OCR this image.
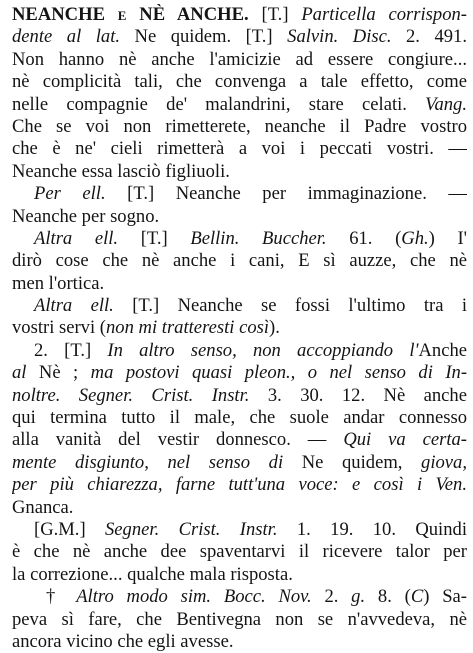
NEANCHE e NÈ ANCHE. [T.] Particella corrispon-
dente al lat. Ne quidem. [T.] Salvin. Disc. 2. 491.
Non hanno nè anche l'amicizie ad essere congiure...
nè complicità tali, che convenga a tale effetto, come
nelle compagnie de' malandrini, stare celati. Vang.
Che se voi non rimetterete, neanche il Padre vostro
che è ne' cieli rimetterà a voi i peccati vostri. —
Neanche essa lasciò figliuoli.
Per ell. [T.] Neanche per immaginazione. —
Neanche per sogno.
Altra ell. [T.] Bellin. Buccher. 61. (Gh.) I'
dirò cose che nè anche i cani, E sì auzze, che nè
men l'ortica.
Altra ell. [T.] Neanche se fossi l'ultimo tra i
vostri servi (non mi tratteresti così).
2. [T.] In altro senso, non accoppiando l'Anche
al Nè ; ma postovi quasi pleon., o nel senso di In-
noltre. Segner. Crist. Instr. 3. 30. 12. Nè anche
qui termina tutto il male, che suole andar connesso
alla vanità del vestir donnesco. — Qui va certa-
mente disgiunto, nel senso di Ne quidem, giova,
per più chiarezza, farne tutt'una voce: e così i Ven.
Gnanca.
[G.M.] Segner. Crist. Instr. 1. 19. 10. Quindi
è che nè anche dee spaventarvi il ricevere talor per
la correzione... qualche mala risposta.
† Altro modo sim. Bocc. Nov. 2. g. 8. (C) Sa-
peva sì fare, che Bentivegna non se n'avvedeva, nè
ancora vicino che egli avesse.
